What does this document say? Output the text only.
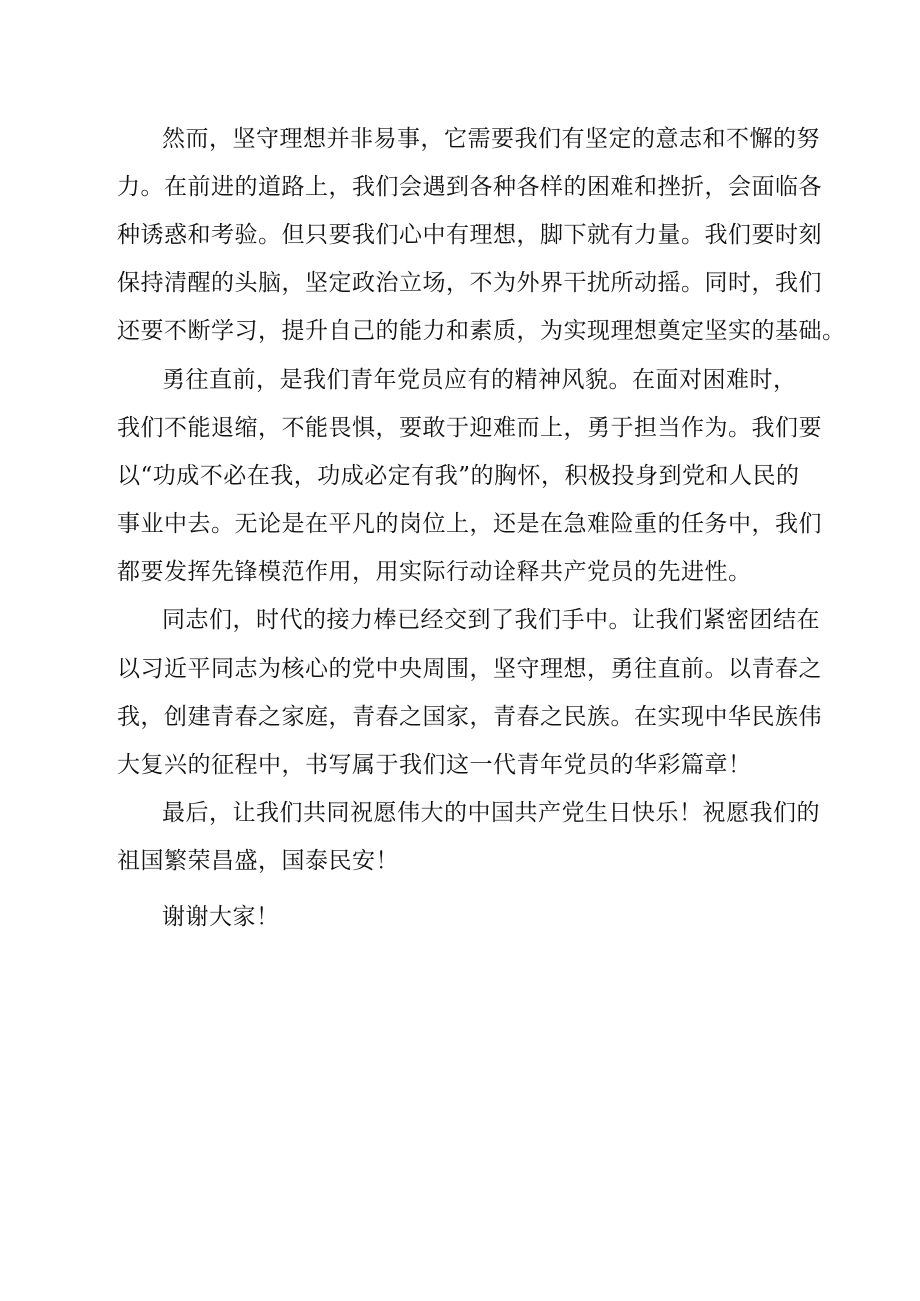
然而，坚守理想并非易事，它需要我们有坚定的意志和不懈的努
力。在前进的道路上，我们会遇到各种各样的困难和挫折，会面临各
种诱惑和考验。但只要我们心中有理想，脚下就有力量。我们要时刻
保持清醒的头脑，坚定政治立场，不为外界干扰所动摇。同时，我们
还要不断学习，提升自己的能力和素质，为实现理想奠定坚实的基础。
勇往直前，是我们青年党员应有的精神风貌。在面对困难时，
我们不能退缩，不能畏惧，要敢于迎难而上，勇于担当作为。我们要
以“功成不必在我，功成必定有我”的胸怀，积极投身到党和人民的
事业中去。无论是在平凡的岗位上，还是在急难险重的任务中，我们
都要发挥先锋模范作用，用实际行动诠释共产党员的先进性。
同志们，时代的接力棒已经交到了我们手中。让我们紧密团结在
以习近平同志为核心的党中央周围，坚守理想，勇往直前。以青春之
我，创建青春之家庭，青春之国家，青春之民族。在实现中华民族伟
大复兴的征程中，书写属于我们这一代青年党员的华彩篇章！
最后，让我们共同祝愿伟大的中国共产党生日快乐！祝愿我们的
祖国繁荣昌盛，国泰民安！
谢谢大家！
